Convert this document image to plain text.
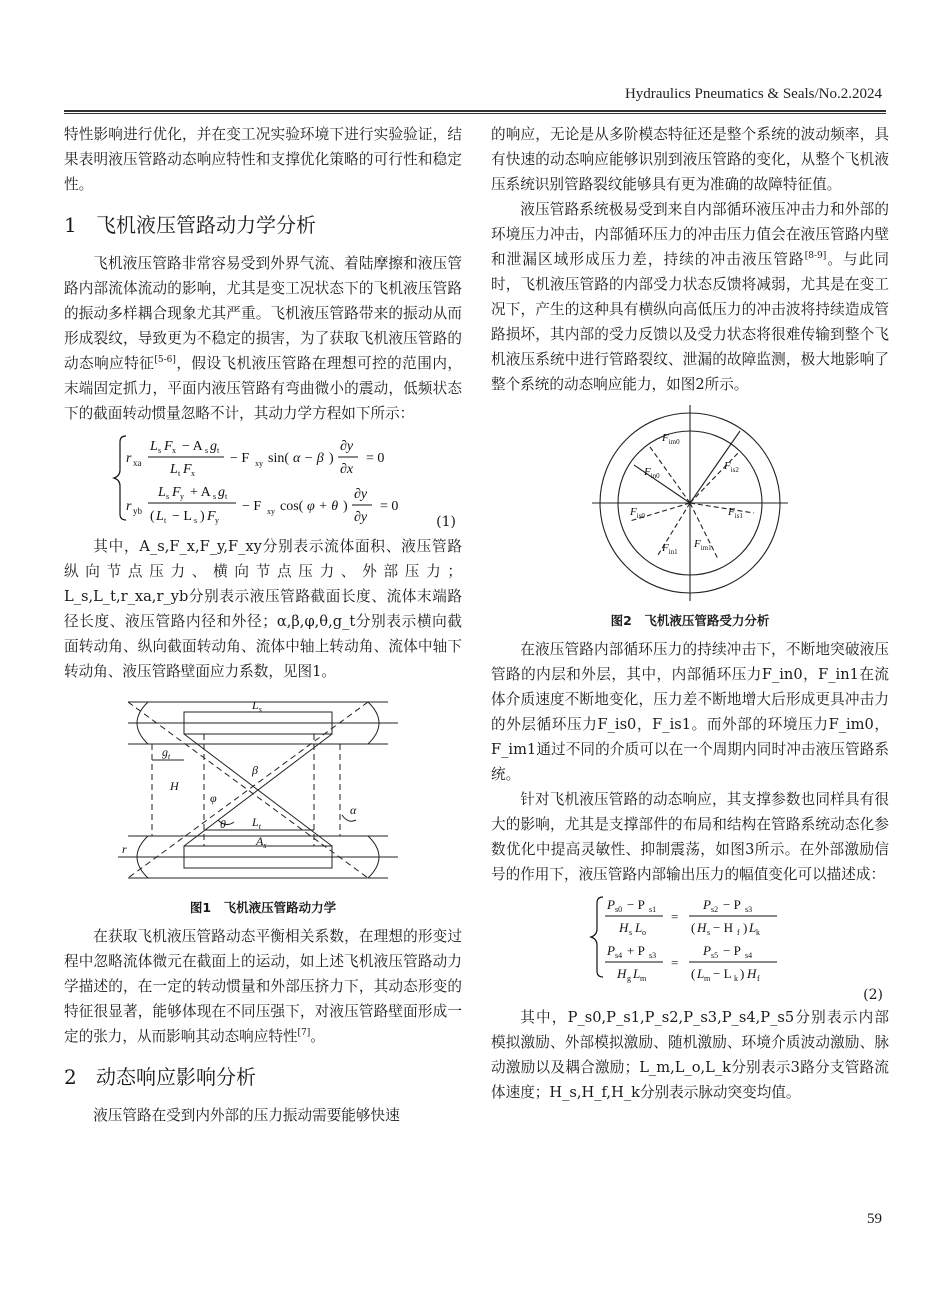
Hydraulics Pneumatics & Seals/No.2.2024

特性影响进行优化，并在变工况实验环境下进行实验验证，结果表明液压管路动态响应特性和支撑优化策略的可行性和稳定性。

1 飞机液压管路动力学分析

飞机液压管路非常容易受到外界气流、着陆摩擦和液压管路内部流体流动的影响，尤其是变工况状态下的飞机液压管路的振动多样耦合现象尤其严重。飞机液压管路带来的振动从而形成裂纹，导致更为不稳定的损害，为了获取飞机液压管路的动态响应特征[5-6]，假设飞机液压管路在理想可控的范围内，末端固定抓力，平面内液压管路有弯曲微小的震动，低频状态下的截面转动惯量忽略不计，其动力学方程如下所示：

r xa
L s F x − A s g t
L t F x
− F xy sin( α − β )
∂y
∂x
= 0
r yb
L s F y + A s g t
( L t − L s ) F y
− F xy cos( φ + θ )
∂y
∂y
= 0
(1)

其中，A_s,F_x,F_y,F_xy分别表示流体面积、液压管路纵向节点压力、横向节点压力、外部压力；L_s,L_t,r_xa,r_yb分别表示液压管路截面长度、流体末端路径长度、液压管路内径和外径；α,β,φ,θ,g_t分别表示横向截面转动角、纵向截面转动角、流体中轴上转动角、流体中轴下转动角、液压管路壁面应力系数，见图1。

$L_s$
$g_t$
H
β
φ
θ $L_t$
$A_s$
α
r
图1　飞机液压管路动力学

在获取飞机液压管路动态平衡相关系数，在理想的形变过程中忽略流体微元在截面上的运动，如上述飞机液压管路动力学描述的，在一定的转动惯量和外部压挤力下，其动态形变的特征很显著，能够体现在不同压强下，对液压管路壁面形成一定的张力，从而影响其动态响应特性[7]。

2 动态响应影响分析

液压管路在受到内外部的压力振动需要能够快速

的响应，无论是从多阶模态特征还是整个系统的波动频率，具有快速的动态响应能够识别到液压管路的变化，从整个飞机液压系统识别管路裂纹能够具有更为准确的故障特征值。

液压管路系统极易受到来自内部循环液压冲击力和外部的环境压力冲击，内部循环压力的冲击压力值会在液压管路内壁和泄漏区域形成压力差，持续的冲击液压管路[8-9]。与此同时，飞机液压管路的内部受力状态反馈将减弱，尤其是在变工况下，产生的这种具有横纵向高低压力的冲击波将持续造成管路损坏，其内部的受力反馈以及受力状态将很难传输到整个飞机液压系统中进行管路裂纹、泄漏的故障监测，极大地影响了整个系统的动态响应能力，如图2所示。

$F_{im0}$
$F_{in0}$
$F_{is2}$
$F_{is0}$	$F_{is1}$
$F_{in1}$
$F_{im1}$
图2　飞机液压管路受力分析

在液压管路内部循环压力的持续冲击下，不断地突破液压管路的内层和外层，其中，内部循环压力F_in0，F_in1在流体介质速度不断地变化，压力差不断地增大后形成更具冲击力的外层循环压力F_is0，F_is1。而外部的环境压力F_im0，F_im1通过不同的介质可以在一个周期内同时冲击液压管路系统。

针对飞机液压管路的动态响应，其支撑参数也同样具有很大的影响，尤其是支撑部件的布局和结构在管路系统动态化参数优化中提高灵敏性、抑制震荡，如图3所示。在外部激励信号的作用下，液压管路内部输出压力的幅值变化可以描述成：

P s0 − P s1
H s L o
=
P s2 − P s3
( H s − H f ) L k
P s4 + P s3
H g L m
=
P s5 − P s4
( L m − L k ) H f
(2)

其中，P_s0,P_s1,P_s2,P_s3,P_s4,P_s5分别表示内部模拟激励、外部模拟激励、随机激励、环境介质波动激励、脉动激励以及耦合激励；L_m,L_o,L_k分别表示3路分支管路流体速度；H_s,H_f,H_k分别表示脉动突变均值。

59
